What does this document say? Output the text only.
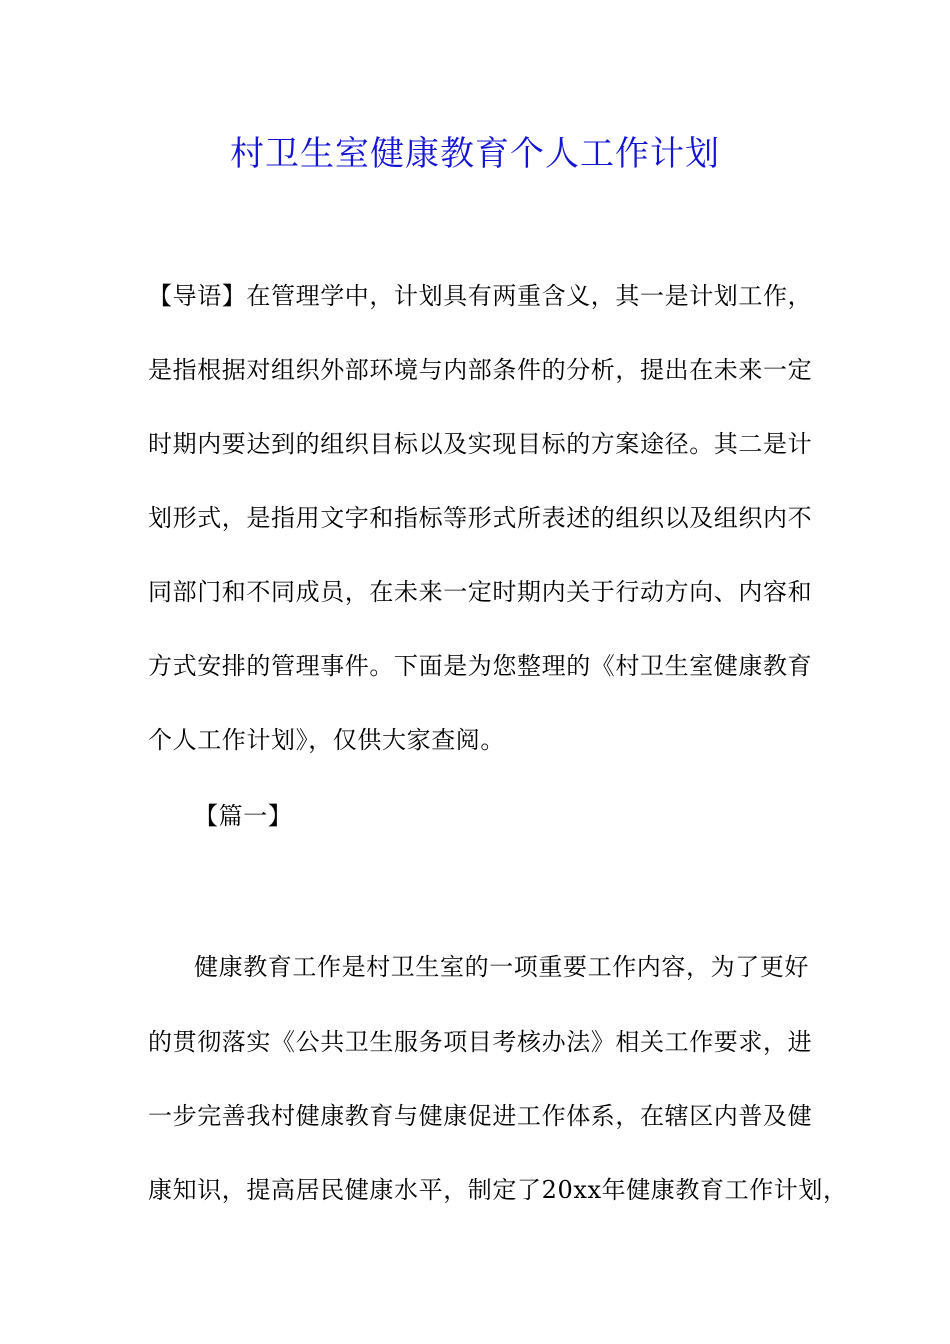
村卫生室健康教育个人工作计划
【导语】在管理学中，计划具有两重含义，其一是计划工作，
是指根据对组织外部环境与内部条件的分析，提出在未来一定
时期内要达到的组织目标以及实现目标的方案途径。其二是计
划形式，是指用文字和指标等形式所表述的组织以及组织内不
同部门和不同成员，在未来一定时期内关于行动方向、内容和
方式安排的管理事件。下面是为您整理的《村卫生室健康教育
个人工作计划》，仅供大家查阅。
【篇一】
健康教育工作是村卫生室的一项重要工作内容，为了更好
的贯彻落实《公共卫生服务项目考核办法》相关工作要求，进
一步完善我村健康教育与健康促进工作体系，在辖区内普及健
康知识，提高居民健康水平，制定了20xx年健康教育工作计划，
